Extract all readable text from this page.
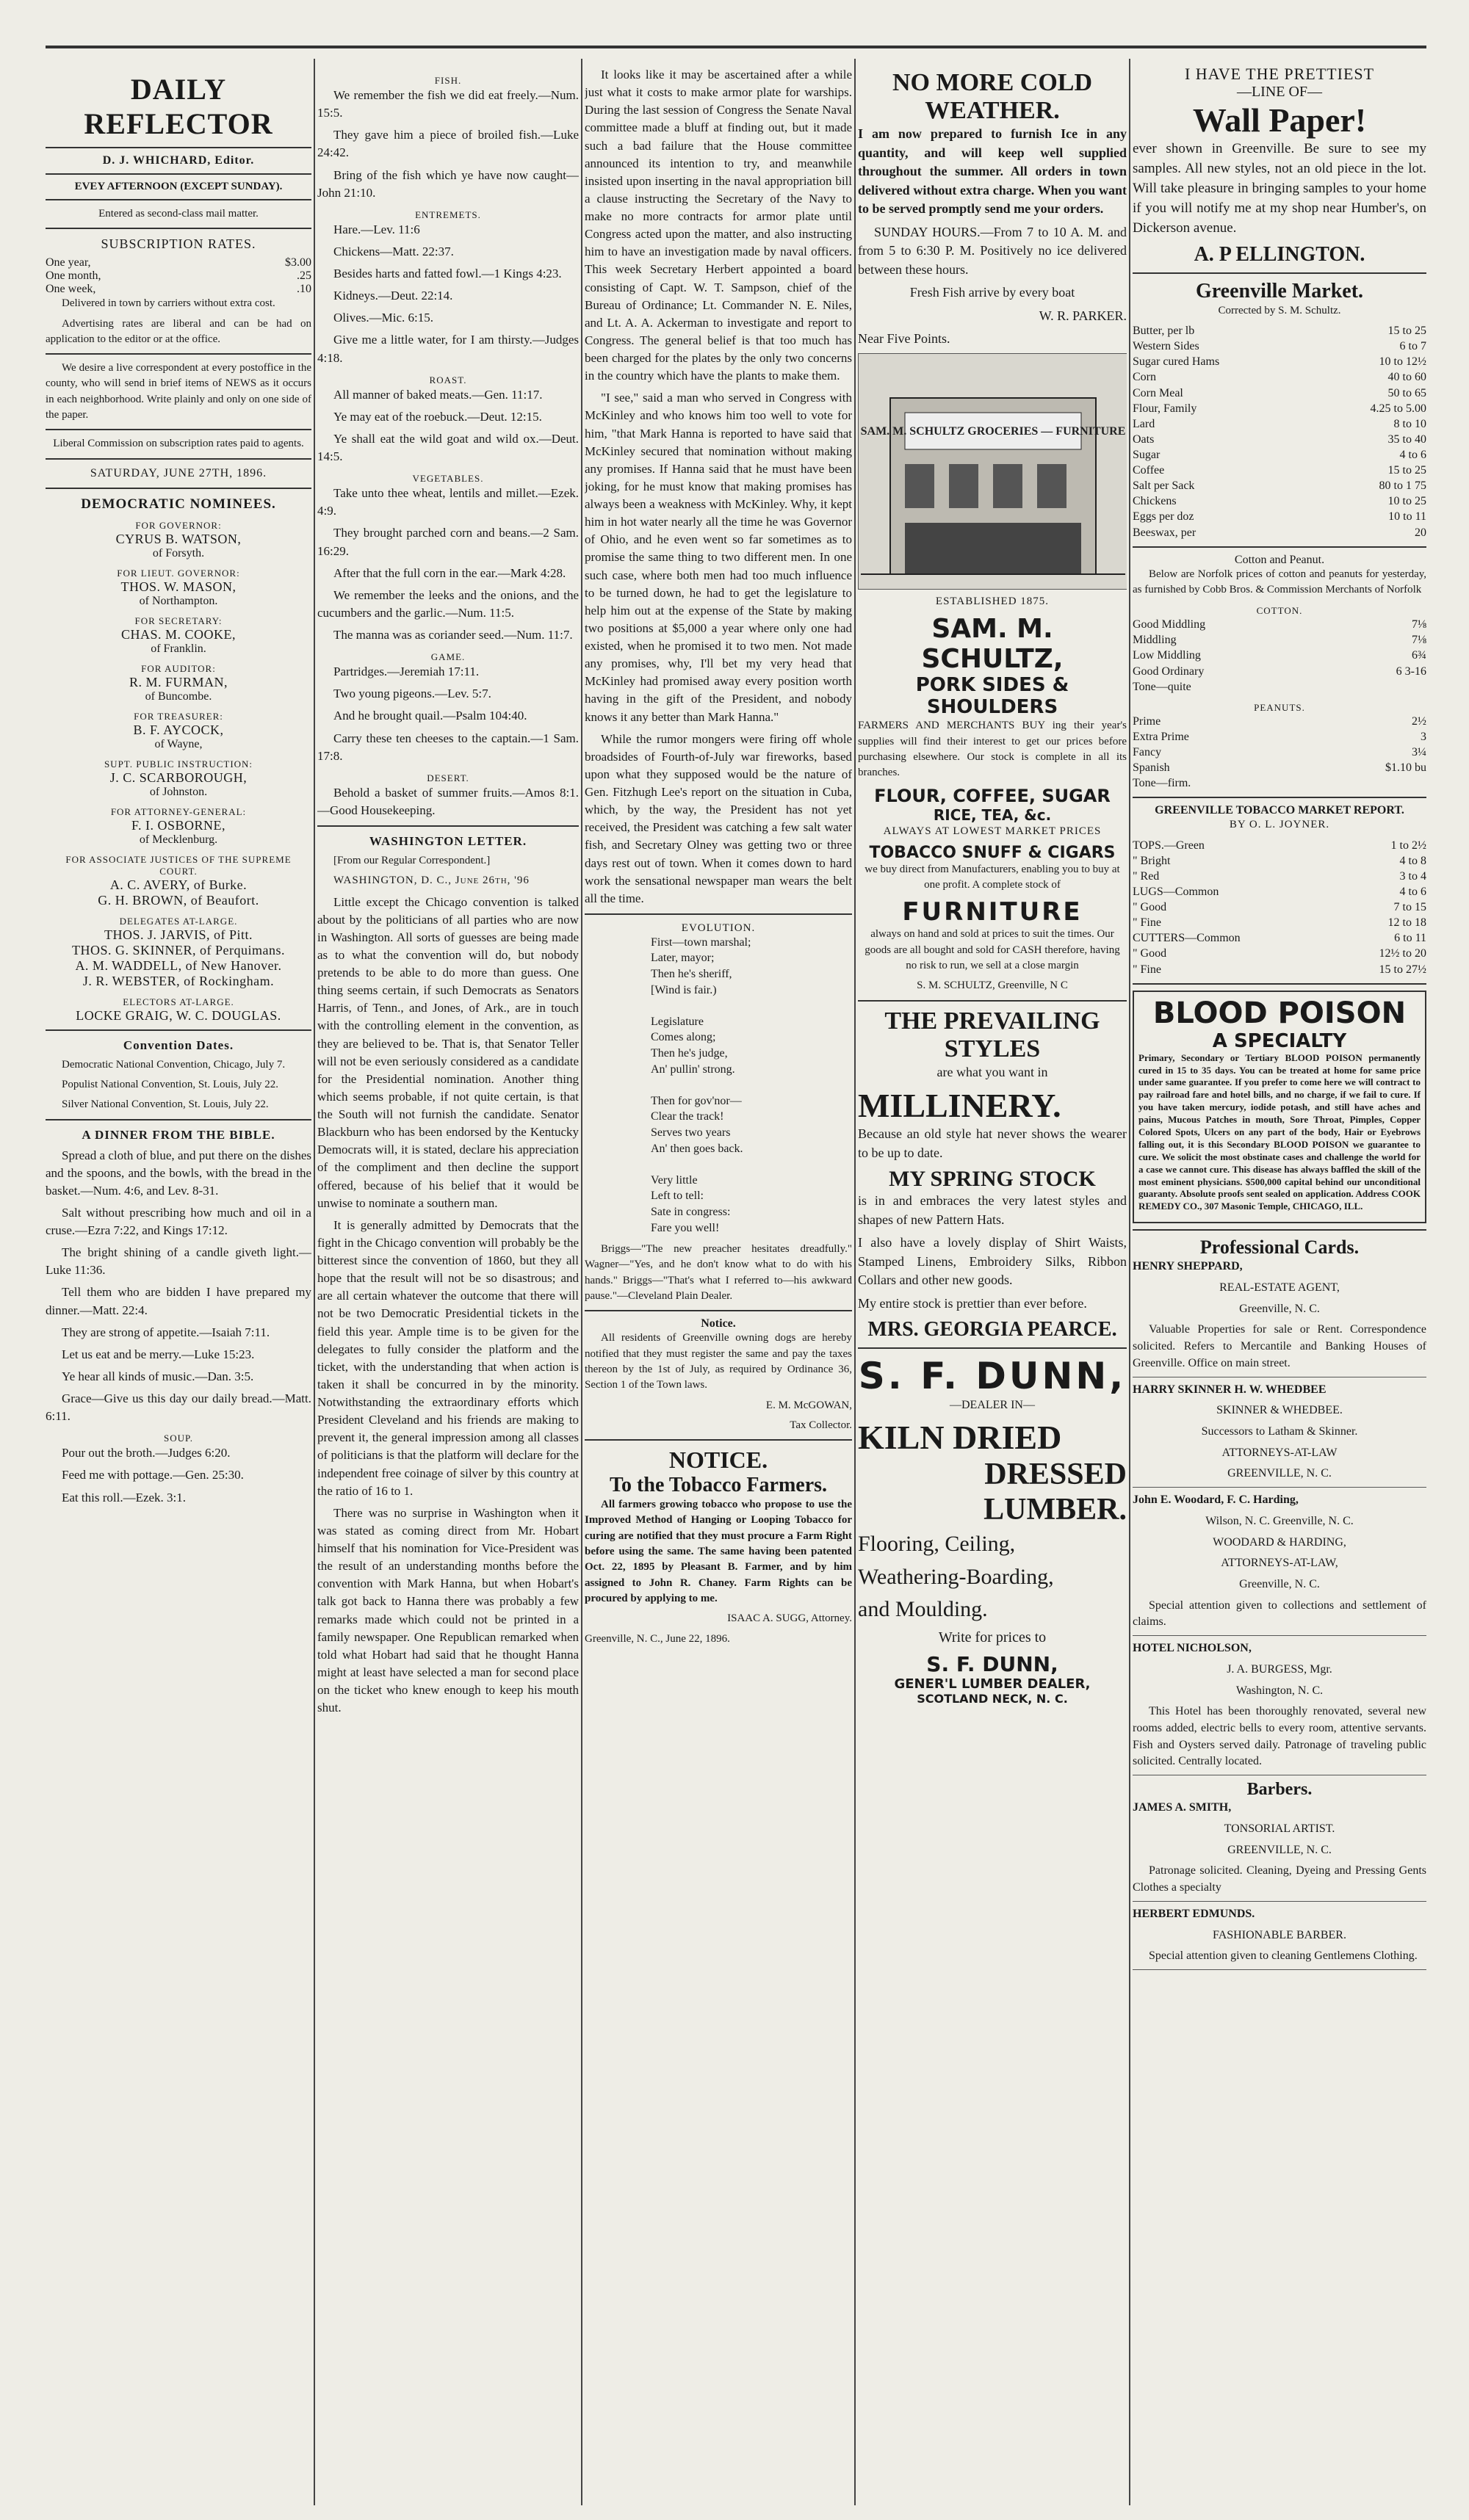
DAILY REFLECTOR
D. J. WHICHARD, Editor.
EVEY AFTERNOON (EXCEPT SUNDAY).

Entered as second-class mail matter.

SUBSCRIPTION RATES.
One year,	$3.00
One month,	.25
One week,	.10

Delivered in town by carriers without extra cost.

Advertising rates are liberal and can be had on application to the editor or at the office.

We desire a live correspondent at every postoffice in the county, who will send in brief items of NEWS as it occurs in each neighborhood. Write plainly and only on one side of the paper.

Liberal Commission on subscription rates paid to agents.

SATURDAY, JUNE 27TH, 1896.
DEMOCRATIC NOMINEES.
FOR GOVERNOR:
CYRUS B. WATSON,
of Forsyth.
FOR LIEUT. GOVERNOR:
THOS. W. MASON,
of Northampton.
FOR SECRETARY:
CHAS. M. COOKE,
of Franklin.
FOR AUDITOR:
R. M. FURMAN,
of Buncombe.
FOR TREASURER:
B. F. AYCOCK,
of Wayne,
SUPT. PUBLIC INSTRUCTION:
J. C. SCARBOROUGH,
of Johnston.
FOR ATTORNEY-GENERAL:
F. I. OSBORNE,
of Mecklenburg.
FOR ASSOCIATE JUSTICES OF THE SUPREME COURT.
A. C. AVERY, of Burke.
G. H. BROWN, of Beaufort.
DELEGATES AT-LARGE.
THOS. J. JARVIS, of Pitt.
THOS. G. SKINNER, of Perquimans.
A. M. WADDELL, of New Hanover.
J. R. WEBSTER, of Rockingham.
ELECTORS AT-LARGE.
LOCKE GRAIG, W. C. DOUGLAS.
Convention Dates.

Democratic National Convention, Chicago, July 7.

Populist National Convention, St. Louis, July 22.

Silver National Convention, St. Louis, July 22.

A DINNER FROM THE BIBLE.

Spread a cloth of blue, and put there on the dishes and the spoons, and the bowls, with the bread in the basket.—Num. 4:6, and Lev. 8-31.

Salt without prescribing how much and oil in a cruse.—Ezra 7:22, and Kings 17:12.

The bright shining of a candle giveth light.—Luke 11:36.

Tell them who are bidden I have prepared my dinner.—Matt. 22:4.

They are strong of appetite.—Isaiah 7:11.

Let us eat and be merry.—Luke 15:23.

Ye hear all kinds of music.—Dan. 3:5.

Grace—Give us this day our daily bread.—Matt. 6:11.

SOUP.

Pour out the broth.—Judges 6:20.

Feed me with pottage.—Gen. 25:30.

Eat this roll.—Ezek. 3:1.

FISH.

We remember the fish we did eat freely.—Num. 15:5.

They gave him a piece of broiled fish.—Luke 24:42.

Bring of the fish which ye have now caught—John 21:10.

ENTREMETS.

Hare.—Lev. 11:6

Chickens—Matt. 22:37.

Besides harts and fatted fowl.—1 Kings 4:23.

Kidneys.—Deut. 22:14.

Olives.—Mic. 6:15.

Give me a little water, for I am thirsty.—Judges 4:18.

ROAST.

All manner of baked meats.—Gen. 11:17.

Ye may eat of the roebuck.—Deut. 12:15.

Ye shall eat the wild goat and wild ox.—Deut. 14:5.

VEGETABLES.

Take unto thee wheat, lentils and millet.—Ezek. 4:9.

They brought parched corn and beans.—2 Sam. 16:29.

After that the full corn in the ear.—Mark 4:28.

We remember the leeks and the onions, and the cucumbers and the garlic.—Num. 11:5.

The manna was as coriander seed.—Num. 11:7.

GAME.

Partridges.—Jeremiah 17:11.

Two young pigeons.—Lev. 5:7.

And he brought quail.—Psalm 104:40.

Carry these ten cheeses to the captain.—1 Sam. 17:8.

DESERT.

Behold a basket of summer fruits.—Amos 8:1.—Good Housekeeping.

WASHINGTON LETTER.

[From our Regular Correspondent.]

WASHINGTON, D. C., June 26th, '96

Little except the Chicago convention is talked about by the politicians of all parties who are now in Washington. All sorts of guesses are being made as to what the convention will do, but nobody pretends to be able to do more than guess. One thing seems certain, if such Democrats as Senators Harris, of Tenn., and Jones, of Ark., are in touch with the controlling element in the convention, as they are believed to be. That is, that Senator Teller will not be even seriously considered as a candidate for the Presidential nomination. Another thing which seems probable, if not quite certain, is that the South will not furnish the candidate. Senator Blackburn who has been endorsed by the Kentucky Democrats will, it is stated, declare his appreciation of the compliment and then decline the support offered, because of his belief that it would be unwise to nominate a southern man.

It is generally admitted by Democrats that the fight in the Chicago convention will probably be the bitterest since the convention of 1860, but they all hope that the result will not be so disastrous; and are all certain whatever the outcome that there will not be two Democratic Presidential tickets in the field this year. Ample time is to be given for the delegates to fully consider the platform and the ticket, with the understanding that when action is taken it shall be concurred in by the minority. Notwithstanding the extraordinary efforts which President Cleveland and his friends are making to prevent it, the general impression among all classes of politicians is that the platform will declare for the independent free coinage of silver by this country at the ratio of 16 to 1.

There was no surprise in Washington when it was stated as coming direct from Mr. Hobart himself that his nomination for Vice-President was the result of an understanding months before the convention with Mark Hanna, but when Hobart's talk got back to Hanna there was probably a few remarks made which could not be printed in a family newspaper. One Republican remarked when told what Hobart had said that he thought Hanna might at least have selected a man for second place on the ticket who knew enough to keep his mouth shut.

It looks like it may be ascertained after a while just what it costs to make armor plate for warships. During the last session of Congress the Senate Naval committee made a bluff at finding out, but it made such a bad failure that the House committee announced its intention to try, and meanwhile insisted upon inserting in the naval appropriation bill a clause instructing the Secretary of the Navy to make no more contracts for armor plate until Congress acted upon the matter, and also instructing him to have an investigation made by naval officers. This week Secretary Herbert appointed a board consisting of Capt. W. T. Sampson, chief of the Bureau of Ordinance; Lt. Commander N. E. Niles, and Lt. A. A. Ackerman to investigate and report to Congress. The general belief is that too much has been charged for the plates by the only two concerns in the country which have the plants to make them.

"I see," said a man who served in Congress with McKinley and who knows him too well to vote for him, "that Mark Hanna is reported to have said that McKinley secured that nomination without making any promises. If Hanna said that he must have been joking, for he must know that making promises has always been a weakness with McKinley. Why, it kept him in hot water nearly all the time he was Governor of Ohio, and he even went so far sometimes as to promise the same thing to two different men. In one such case, where both men had too much influence to be turned down, he had to get the legislature to help him out at the expense of the State by making two positions at $5,000 a year where only one had existed, when he promised it to two men. Not made any promises, why, I'll bet my very head that McKinley had promised away every position worth having in the gift of the President, and nobody knows it any better than Mark Hanna."

While the rumor mongers were firing off whole broadsides of Fourth-of-July war fireworks, based upon what they supposed would be the nature of Gen. Fitzhugh Lee's report on the situation in Cuba, which, by the way, the President has not yet received, the President was catching a few salt water fish, and Secretary Olney was getting two or three days rest out of town. When it comes down to hard work the sensational newspaper man wears the belt all the time.

EVOLUTION.
First—town marshal;
Later, mayor;
Then he's sheriff,
[Wind is fair.)

Legislature
Comes along;
Then he's judge,
An' pullin' strong.

Then for gov'nor—
Clear the track!
Serves two years
An' then goes back.

Very little
Left to tell:
Sate in congress:
Fare you well!

Briggs—"The new preacher hesitates dreadfully." Wagner—"Yes, and he don't know what to do with his hands." Briggs—"That's what I referred to—his awkward pause."—Cleveland Plain Dealer.

Notice.

All residents of Greenville owning dogs are hereby notified that they must register the same and pay the taxes thereon by the 1st of July, as required by Ordinance 36, Section 1 of the Town laws.

E. M. McGOWAN,

Tax Collector.

NOTICE.
To the Tobacco Farmers.

All farmers growing tobacco who propose to use the Improved Method of Hanging or Looping Tobacco for curing are notified that they must procure a Farm Right before using the same. The same having been patented Oct. 22, 1895 by Pleasant B. Farmer, and by him assigned to John R. Chaney. Farm Rights can be procured by applying to me.

ISAAC A. SUGG, Attorney.

Greenville, N. C., June 22, 1896.

NO MORE COLD WEATHER.

I am now prepared to furnish Ice in any quantity, and will keep well supplied throughout the summer. All orders in town delivered without extra charge. When you want to be served promptly send me your orders.

SUNDAY HOURS.—From 7 to 10 A. M. and from 5 to 6:30 P. M. Positively no ice delivered between these hours.

Fresh Fish arrive by every boat

W. R. PARKER.

Near Five Points.

SAM. M. SCHULTZ GROCERIES — FURNITURE

ESTABLISHED 1875.

SAM. M. SCHULTZ,
PORK SIDES & SHOULDERS

FARMERS AND MERCHANTS BUY ing their year's supplies will find their interest to get our prices before purchasing elsewhere. Our stock is complete in all its branches.

FLOUR, COFFEE, SUGAR
RICE, TEA, &c.

ALWAYS AT LOWEST MARKET PRICES

TOBACCO SNUFF & CIGARS

we buy direct from Manufacturers, enabling you to buy at one profit. A complete stock of

FURNITURE

always on hand and sold at prices to suit the times. Our goods are all bought and sold for CASH therefore, having no risk to run, we sell at a close margin

S. M. SCHULTZ, Greenville, N C

THE PREVAILING STYLES

are what you want in

MILLINERY.

Because an old style hat never shows the wearer to be up to date.

MY SPRING STOCK

is in and embraces the very latest styles and shapes of new Pattern Hats.

I also have a lovely display of Shirt Waists, Stamped Linens, Embroidery Silks, Ribbon Collars and other new goods.

My entire stock is prettier than ever before.

MRS. GEORGIA PEARCE.
S. F. DUNN,

—DEALER IN—

KILN DRIED
DRESSED LUMBER.

Flooring, Ceiling,

Weathering-Boarding,

and Moulding.

Write for prices to

S. F. DUNN,
GENER'L LUMBER DEALER,
SCOTLAND NECK, N. C.
I HAVE THE PRETTIEST
—LINE OF—
Wall Paper!

ever shown in Greenville. Be sure to see my samples. All new styles, not an old piece in the lot. Will take pleasure in bringing samples to your home if you will notify me at my shop near Humber's, on Dickerson avenue.

A. P ELLINGTON.
Greenville Market.

Corrected by S. M. Schultz.

Butter, per lb	15 to 25
Western Sides	6 to 7
Sugar cured Hams	10 to 12½
Corn	40 to 60
Corn Meal	50 to 65
Flour, Family	4.25 to 5.00
Lard	8 to 10
Oats	35 to 40
Sugar	4 to 6
Coffee	15 to 25
Salt per Sack	80 to 1 75
Chickens	10 to 25
Eggs per doz	10 to 11
Beeswax, per	20
Cotton and Peanut.

Below are Norfolk prices of cotton and peanuts for yesterday, as furnished by Cobb Bros. & Commission Merchants of Norfolk

COTTON.
Good Middling	7⅛
Middling	7⅛
Low Middling	6¾
Good Ordinary	6 3-16
Tone—quite
PEANUTS.
Prime	2½
Extra Prime	3
Fancy	3¼
Spanish	$1.10 bu
Tone—firm.
GREENVILLE TOBACCO MARKET REPORT.

BY O. L. JOYNER.

TOPS.—Green	1 to 2½
" Bright	4 to 8
" Red	3 to 4
LUGS—Common	4 to 6
" Good	7 to 15
" Fine	12 to 18
CUTTERS—Common	6 to 11
" Good	12½ to 20
" Fine	15 to 27½
BLOOD POISON
A SPECIALTY

Primary, Secondary or Tertiary BLOOD POISON permanently cured in 15 to 35 days. You can be treated at home for same price under same guarantee. If you prefer to come here we will contract to pay railroad fare and hotel bills, and no charge, if we fail to cure. If you have taken mercury, iodide potash, and still have aches and pains, Mucous Patches in mouth, Sore Throat, Pimples, Copper Colored Spots, Ulcers on any part of the body, Hair or Eyebrows falling out, it is this Secondary BLOOD POISON we guarantee to cure. We solicit the most obstinate cases and challenge the world for a case we cannot cure. This disease has always baffled the skill of the most eminent physicians. $500,000 capital behind our unconditional guaranty. Absolute proofs sent sealed on application. Address COOK REMEDY CO., 307 Masonic Temple, CHICAGO, ILL.

Professional Cards.

HENRY SHEPPARD,

REAL-ESTATE AGENT,

Greenville, N. C.

Valuable Properties for sale or Rent. Correspondence solicited. Refers to Mercantile and Banking Houses of Greenville. Office on main street.

HARRY SKINNER H. W. WHEDBEE

SKINNER & WHEDBEE.

Successors to Latham & Skinner.

ATTORNEYS-AT-LAW

GREENVILLE, N. C.

John E. Woodard, F. C. Harding,

Wilson, N. C. Greenville, N. C.

WOODARD & HARDING,

ATTORNEYS-AT-LAW,

Greenville, N. C.

Special attention given to collections and settlement of claims.

HOTEL NICHOLSON,

J. A. BURGESS, Mgr.

Washington, N. C.

This Hotel has been thoroughly renovated, several new rooms added, electric bells to every room, attentive servants. Fish and Oysters served daily. Patronage of traveling public solicited. Centrally located.

Barbers.

JAMES A. SMITH,

TONSORIAL ARTIST.

GREENVILLE, N. C.

Patronage solicited. Cleaning, Dyeing and Pressing Gents Clothes a specialty

HERBERT EDMUNDS.

FASHIONABLE BARBER.

Special attention given to cleaning Gentlemens Clothing.
